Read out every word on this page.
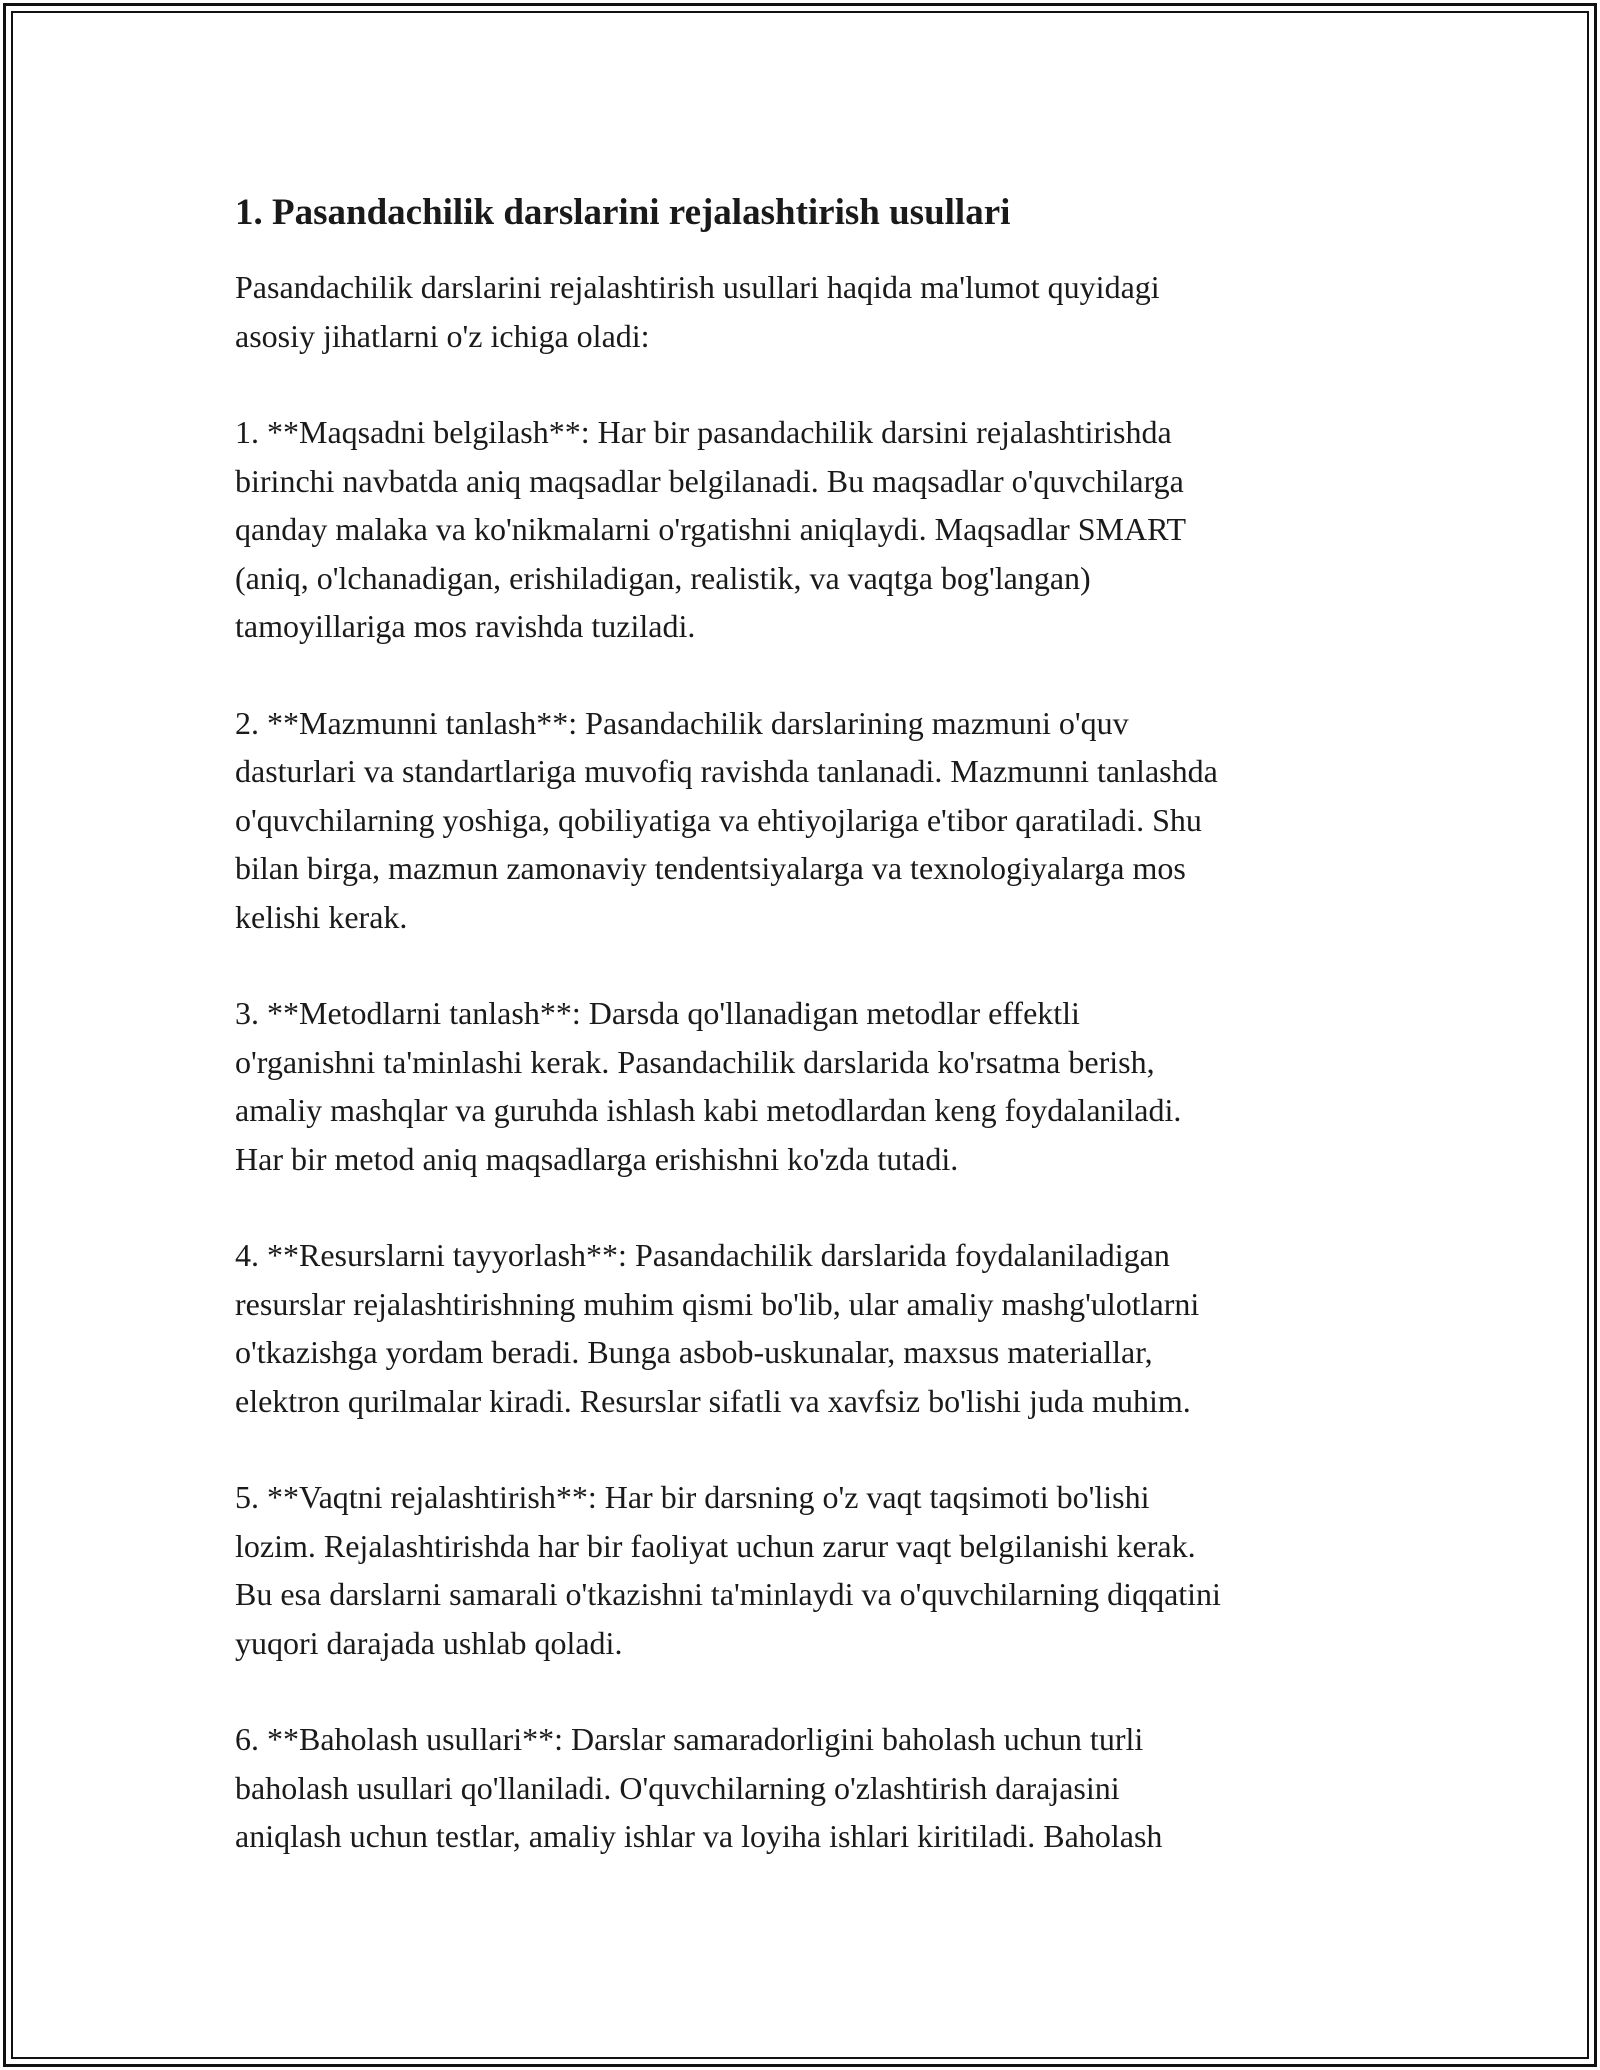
1. Pasandachilik darslarini rejalashtirish usullari

Pasandachilik darslarini rejalashtirish usullari haqida ma'lumot quyidagi
asosiy jihatlarni o'z ichiga oladi:

1. **Maqsadni belgilash**: Har bir pasandachilik darsini rejalashtirishda
birinchi navbatda aniq maqsadlar belgilanadi. Bu maqsadlar o'quvchilarga
qanday malaka va ko'nikmalarni o'rgatishni aniqlaydi. Maqsadlar SMART
(aniq, o'lchanadigan, erishiladigan, realistik, va vaqtga bog'langan)
tamoyillariga mos ravishda tuziladi.

2. **Mazmunni tanlash**: Pasandachilik darslarining mazmuni o'quv
dasturlari va standartlariga muvofiq ravishda tanlanadi. Mazmunni tanlashda
o'quvchilarning yoshiga, qobiliyatiga va ehtiyojlariga e'tibor qaratiladi. Shu
bilan birga, mazmun zamonaviy tendentsiyalarga va texnologiyalarga mos
kelishi kerak.

3. **Metodlarni tanlash**: Darsda qo'llanadigan metodlar effektli
o'rganishni ta'minlashi kerak. Pasandachilik darslarida ko'rsatma berish,
amaliy mashqlar va guruhda ishlash kabi metodlardan keng foydalaniladi.
Har bir metod aniq maqsadlarga erishishni ko'zda tutadi.

4. **Resurslarni tayyorlash**: Pasandachilik darslarida foydalaniladigan
resurslar rejalashtirishning muhim qismi bo'lib, ular amaliy mashg'ulotlarni
o'tkazishga yordam beradi. Bunga asbob-uskunalar, maxsus materiallar,
elektron qurilmalar kiradi. Resurslar sifatli va xavfsiz bo'lishi juda muhim.

5. **Vaqtni rejalashtirish**: Har bir darsning o'z vaqt taqsimoti bo'lishi
lozim. Rejalashtirishda har bir faoliyat uchun zarur vaqt belgilanishi kerak.
Bu esa darslarni samarali o'tkazishni ta'minlaydi va o'quvchilarning diqqatini
yuqori darajada ushlab qoladi.

6. **Baholash usullari**: Darslar samaradorligini baholash uchun turli
baholash usullari qo'llaniladi. O'quvchilarning o'zlashtirish darajasini
aniqlash uchun testlar, amaliy ishlar va loyiha ishlari kiritiladi. Baholash
